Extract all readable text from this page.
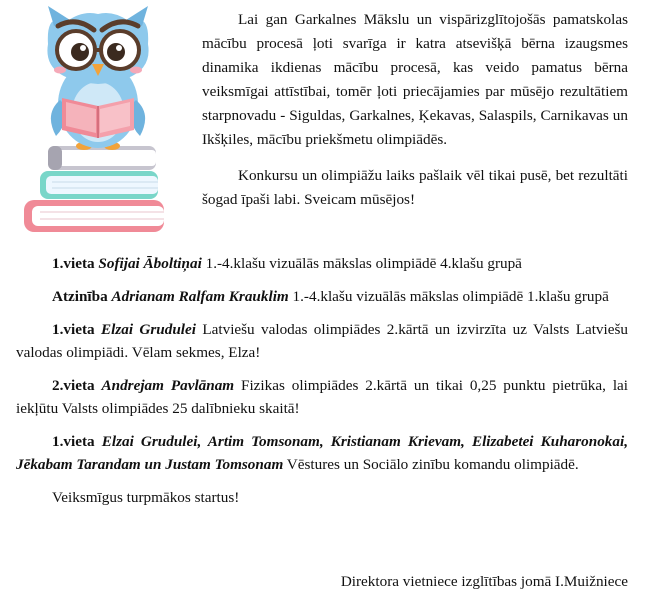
Lai gan Garkalnes Mākslu un vispārizglītojošās pamatskolas mācību procesā ļoti svarīga ir katra atsevišķā bērna izaugsmes dinamika ikdienas mācību procesā, kas veido pamatus bērna veiksmīgai attīstībai, tomēr ļoti priecājamies par mūsējo rezultātiem starpnovadu - Siguldas, Garkalnes, Ķekavas, Salaspils, Carnikavas un Ikšķiles, mācību priekšmetu olimpiādēs.

Konkursu un olimpiāžu laiks pašlaik vēl tikai pusē, bet rezultāti šogad īpaši labi. Sveicam mūsējos!

1.vieta Sofijai Āboltiņai 1.-4.klašu vizuālās mākslas olimpiādē 4.klašu grupā

Atzinība Adrianam Ralfam Krauklim 1.-4.klašu vizuālās mākslas olimpiādē 1.klašu grupā

1.vieta Elzai Grudulei Latviešu valodas olimpiādes 2.kārtā un izvirzīta uz Valsts Latviešu valodas olimpiādi. Vēlam sekmes, Elza!

2.vieta Andrejam Pavlānam Fizikas olimpiādes 2.kārtā un tikai 0,25 punktu pietrūka, lai iekļūtu Valsts olimpiādes 25 dalībnieku skaitā!

1.vieta Elzai Grudulei, Artim Tomsonam, Kristianam Krievam, Elizabetei Kuharonokai, Jēkabam Tarandam un Justam Tomsonam Vēstures un Sociālo zinību komandu olimpiādē.

Veiksmīgus turpmākos startus!

Direktora vietniece izglītības jomā I.Muižniece
